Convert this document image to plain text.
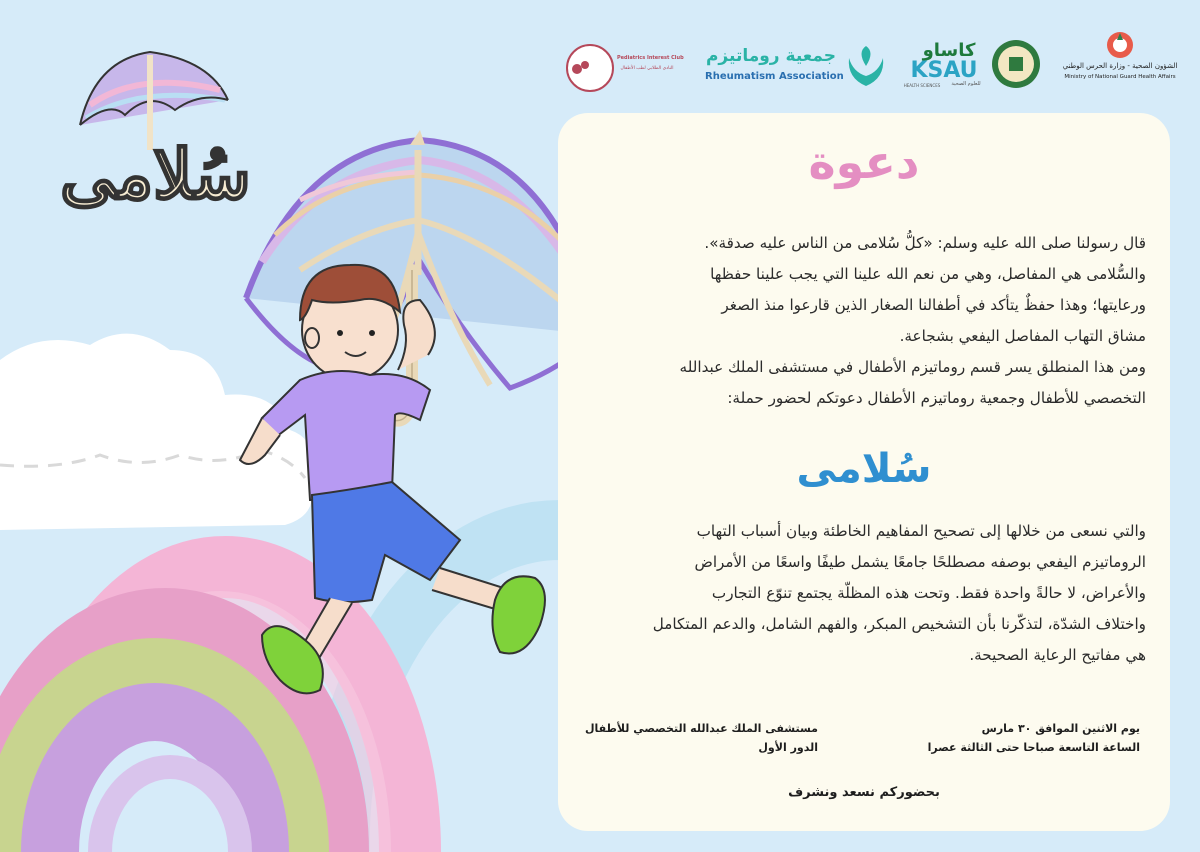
سُلامى
الشؤون الصحية - وزارة الحرس الوطني
Ministry of National Guard Health Affairs
كاساو
KSAU
HEALTH SCIENCES	للعلوم الصحية
جمعية روماتيزم
Rheumatism Association
Pediatrics Interest Club
النادي الطلابي لطب الأطفال
دعوة
قال رسولنا صلى الله عليه وسلم: «كلُّ سُلامى من الناس عليه صدقة».
والسُّلامى هي المفاصل، وهي من نعم الله علينا التي يجب علينا حفظها
ورعايتها؛ وهذا حفظٌ يتأكد في أطفالنا الصغار الذين قارعوا منذ الصغر
مشاق التهاب المفاصل اليفعي بشجاعة.
ومن هذا المنطلق يسر قسم روماتيزم الأطفال في مستشفى الملك عبدالله
التخصصي للأطفال وجمعية روماتيزم الأطفال دعوتكم لحضور حملة:
سُلامى
والتي نسعى من خلالها إلى تصحيح المفاهيم الخاطئة وبيان أسباب التهاب
الروماتيزم اليفعي بوصفه مصطلحًا جامعًا يشمل طيفًا واسعًا من الأمراض
والأعراض، لا حالةً واحدة فقط. وتحت هذه المظلّة يجتمع تنوّع التجارب
واختلاف الشدّة، لتذكّرنا بأن التشخيص المبكر، والفهم الشامل، والدعم المتكامل
هي مفاتيح الرعاية الصحيحة.
يوم الاثنين الموافق ٣٠ مارس
الساعة التاسعة صباحا حتى الثالثة عصرا
مستشفى الملك عبدالله التخصصي للأطفال
الدور الأول
بحضوركم نسعد ونشرف
